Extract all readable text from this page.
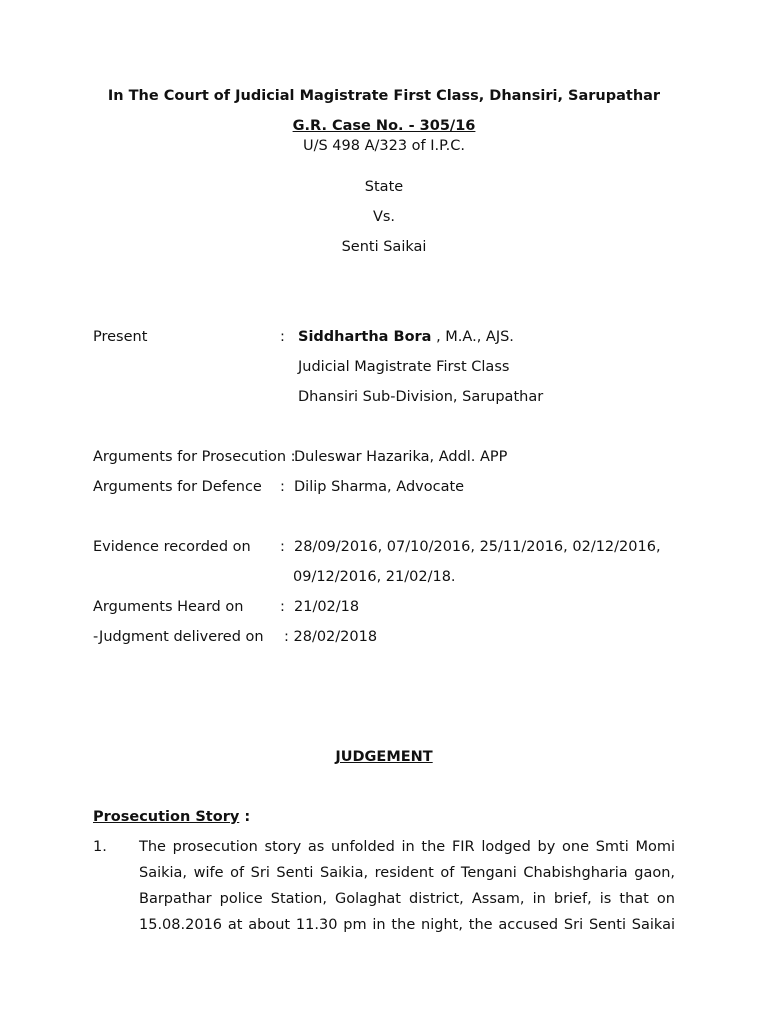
In The Court of Judicial Magistrate First Class, Dhansiri, Sarupathar
G.R. Case No. - 305/16
U/S 498 A/323 of I.P.C.
State
Vs.
Senti Saikai
Present	: Siddhartha Bora , M.A., AJS.
Judicial Magistrate First Class
Dhansiri Sub-Division, Sarupathar
Arguments for Prosecution :
Duleswar Hazarika, Addl. APP
Arguments for Defence : Dilip Sharma, Advocate
Evidence recorded on : 28/09/2016, 07/10/2016, 25/11/2016, 02/12/2016,
09/12/2016, 21/02/18.
Arguments Heard on	: 21/02/18
-Judgment delivered on : 28/02/2018
JUDGEMENT
Prosecution Story :
1. The prosecution story as unfolded in the FIR lodged by one Smti Momi
Saikia, wife of Sri Senti Saikia, resident of Tengani Chabishgharia gaon,
Barpathar police Station, Golaghat district, Assam, in brief, is that on
15.08.2016 at about 11.30 pm in the night, the accused Sri Senti Saikai
